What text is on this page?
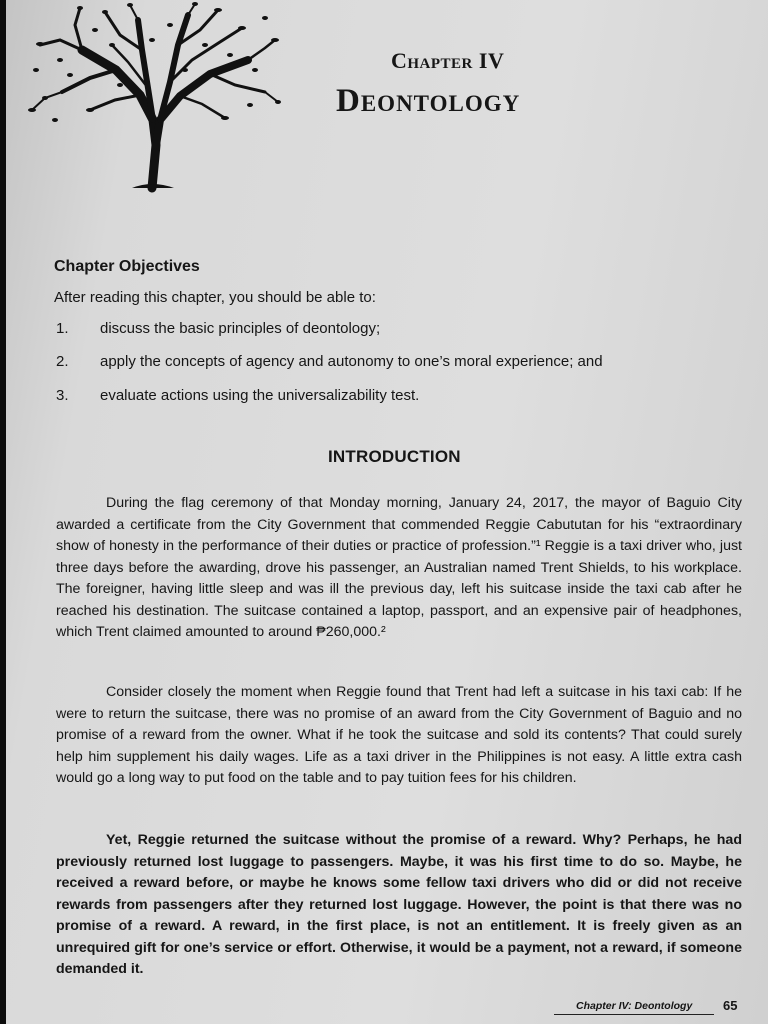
Chapter IV
Deontology
Chapter Objectives
After reading this chapter, you should be able to:
1. discuss the basic principles of deontology;
2. apply the concepts of agency and autonomy to one’s moral experience; and
3. evaluate actions using the universalizability test.
INTRODUCTION

During the flag ceremony of that Monday morning, January 24, 2017, the mayor of Baguio City awarded a certificate from the City Government that commended Reggie Cabututan for his “extraordinary show of honesty in the performance of their duties or practice of profession.”¹ Reggie is a taxi driver who, just three days before the awarding, drove his passenger, an Australian named Trent Shields, to his workplace. The foreigner, having little sleep and was ill the previous day, left his suitcase inside the taxi cab after he reached his destination. The suitcase contained a laptop, passport, and an expensive pair of headphones, which Trent claimed amounted to around ₱260,000.²

Consider closely the moment when Reggie found that Trent had left a suitcase in his taxi cab: If he were to return the suitcase, there was no promise of an award from the City Government of Baguio and no promise of a reward from the owner. What if he took the suitcase and sold its contents? That could surely help him supplement his daily wages. Life as a taxi driver in the Philippines is not easy. A little extra cash would go a long way to put food on the table and to pay tuition fees for his children.

Yet, Reggie returned the suitcase without the promise of a reward. Why? Perhaps, he had previously returned lost luggage to passengers. Maybe, it was his first time to do so. Maybe, he received a reward before, or maybe he knows some fellow taxi drivers who did or did not receive rewards from passengers after they returned lost luggage. However, the point is that there was no promise of a reward. A reward, in the first place, is not an entitlement. It is freely given as an unrequired gift for one’s service or effort. Otherwise, it would be a payment, not a reward, if someone demanded it.

Chapter IV: Deontology 65
